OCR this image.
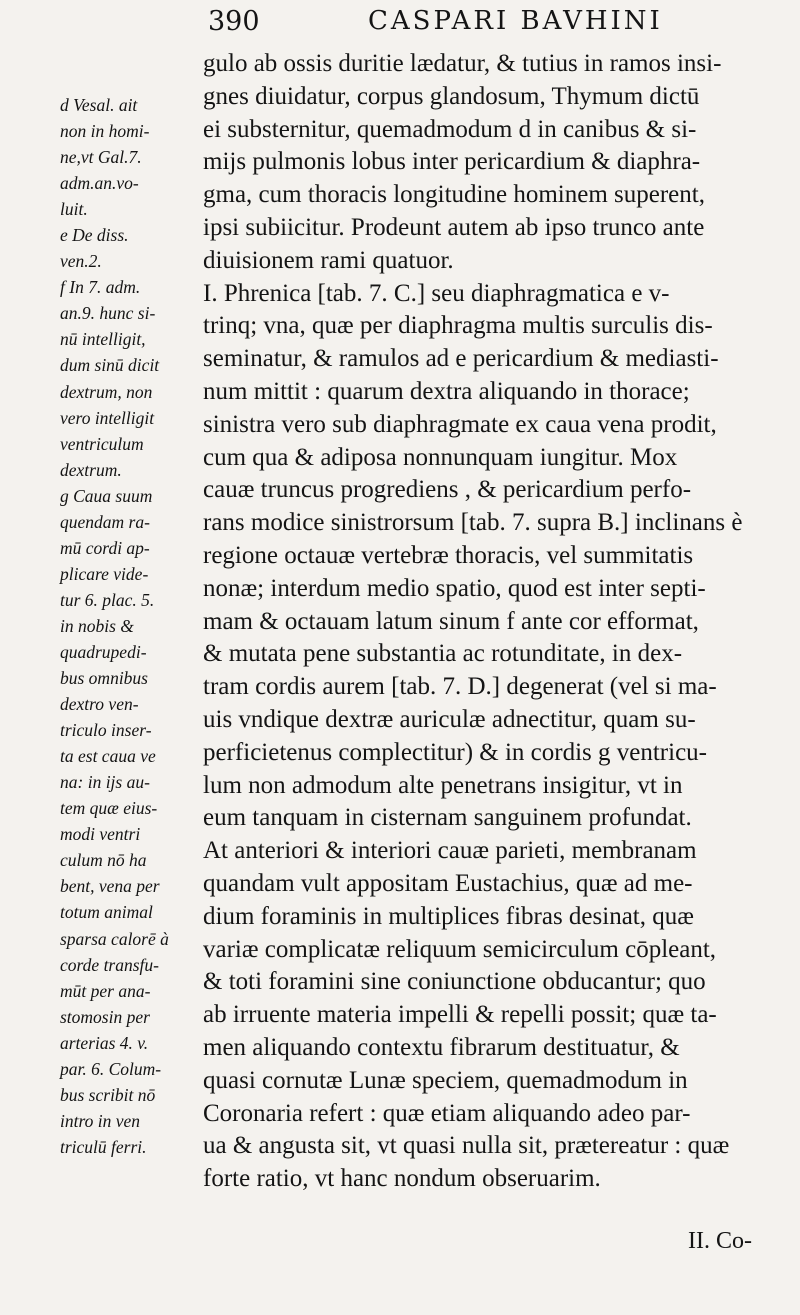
390	CASPARI BAVHINI
d Vesal. ait
non in homi-
ne,vt Gal.7.
adm.an.vo-
luit.
e De diss.
ven.2.
f In 7. adm.
an.9. hunc si-
nū intelligit,
dum sinū dicit
dextrum, non
vero intelligit
ventriculum
dextrum.
g Caua suum
quendam ra-
mū cordi ap-
plicare vide-
tur 6. plac. 5.
in nobis &
quadrupedi-
bus omnibus
dextro ven-
triculo inser-
ta est caua ve
na: in ijs au-
tem quæ eius-
modi ventri
culum nō ha
bent, vena per
totum animal
sparsa calorē à
corde transfu-
mūt per ana-
stomosin per
arterias 4. v.
par. 6. Colum-
bus scribit nō
intro in ven
triculū ferri.
gulo ab ossis duritie lædatur, & tutius in ramos insi-
gnes diuidatur, corpus glandosum, Thymum dictū
ei substernitur, quemadmodum d in canibus & si-
mijs pulmonis lobus inter pericardium & diaphra-
gma, cum thoracis longitudine hominem superent,
ipsi subiicitur. Prodeunt autem ab ipso trunco ante
diuisionem rami quatuor.
I. Phrenica [tab. 7. C.] seu diaphragmatica e v-
trinq; vna, quæ per diaphragma multis surculis dis-
seminatur, & ramulos ad e pericardium & mediasti-
num mittit : quarum dextra aliquando in thorace;
sinistra vero sub diaphragmate ex caua vena prodit,
cum qua & adiposa nonnunquam iungitur. Mox
cauæ truncus progrediens , & pericardium perfo-
rans modice sinistrorsum [tab. 7. supra B.] inclinans è
regione octauæ vertebræ thoracis, vel summitatis
nonæ; interdum medio spatio, quod est inter septi-
mam & octauam latum sinum f ante cor efformat,
& mutata pene substantia ac rotunditate, in dex-
tram cordis aurem [tab. 7. D.] degenerat (vel si ma-
uis vndique dextræ auriculæ adnectitur, quam su-
perficietenus complectitur) & in cordis g ventricu-
lum non admodum alte penetrans insigitur, vt in
eum tanquam in cisternam sanguinem profundat.
At anteriori & interiori cauæ parieti, membranam
quandam vult appositam Eustachius, quæ ad me-
dium foraminis in multiplices fibras desinat, quæ
variæ complicatæ reliquum semicirculum cōpleant,
& toti foramini sine coniunctione obducantur; quo
ab irruente materia impelli & repelli possit; quæ ta-
men aliquando contextu fibrarum destituatur, &
quasi cornutæ Lunæ speciem, quemadmodum in
Coronaria refert : quæ etiam aliquando adeo par-
ua & angusta sit, vt quasi nulla sit, prætereatur : quæ
forte ratio, vt hanc nondum obseruarim.
II. Co-
